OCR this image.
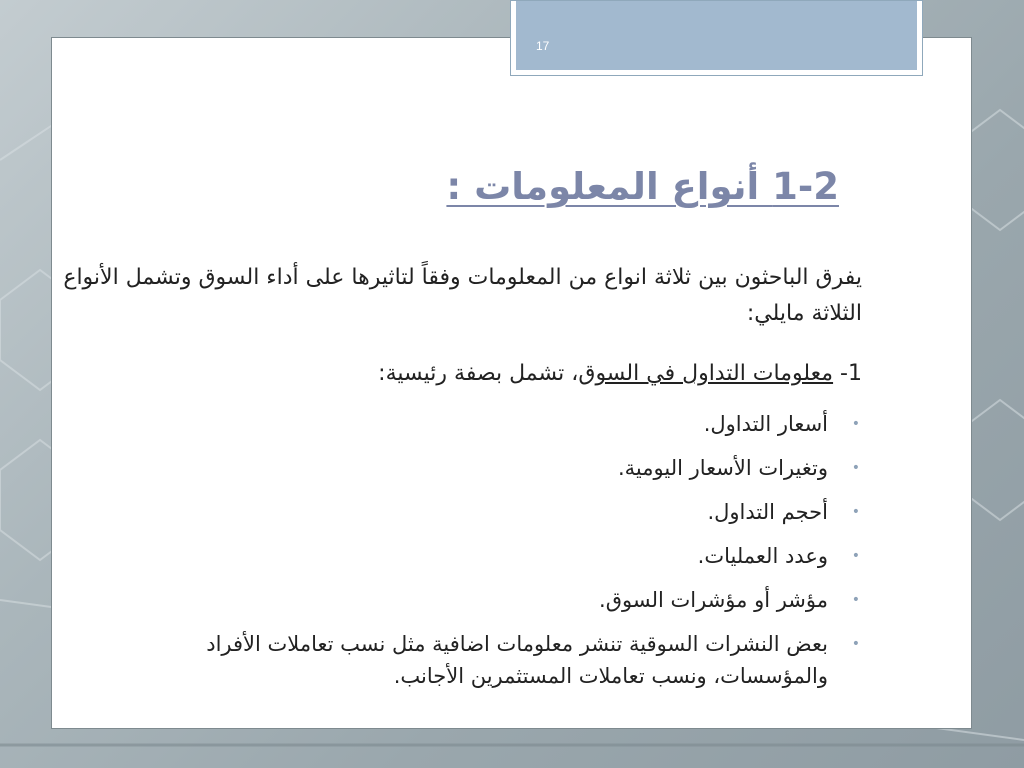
1-2 أنواع المعلومات :
يفرق الباحثون بين ثلاثة انواع من المعلومات وفقاً لتاثيرها على أداء السوق وتشمل الأنواع الثلاثة مايلي:
1- معلومات التداول في السوق، تشمل بصفة رئيسية:
• أسعار التداول.
• وتغيرات الأسعار اليومية.
• أحجم التداول.
• وعدد العمليات.
• مؤشر أو مؤشرات السوق.
• بعض النشرات السوقية تنشر معلومات اضافية مثل نسب تعاملات الأفراد والمؤسسات، ونسب تعاملات المستثمرين الأجانب.
17
